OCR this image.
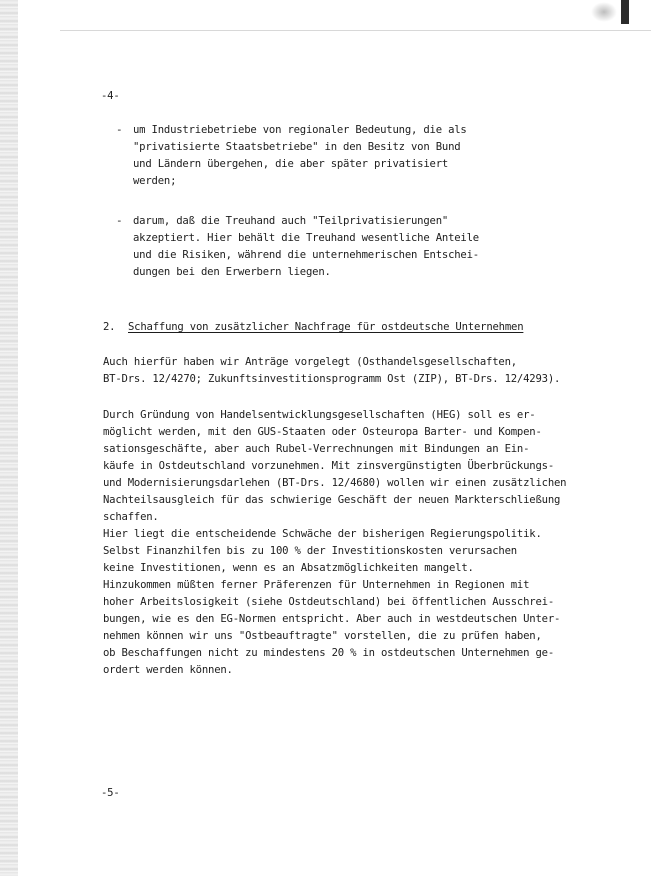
-4-
- um Industriebetriebe von regionaler Bedeutung, die als
"privatisierte Staatsbetriebe" in den Besitz von Bund
und Ländern übergehen, die aber später privatisiert
werden;
- darum, daß die Treuhand auch "Teilprivatisierungen"
akzeptiert. Hier behält die Treuhand wesentliche Anteile
und die Risiken, während die unternehmerischen Entschei-
dungen bei den Erwerbern liegen.
2. Schaffung von zusätzlicher Nachfrage für ostdeutsche Unternehmen
Auch hierfür haben wir Anträge vorgelegt (Osthandelsgesellschaften,
BT-Drs. 12/4270; Zukunftsinvestitionsprogramm Ost (ZIP), BT-Drs. 12/4293).
Durch Gründung von Handelsentwicklungsgesellschaften (HEG) soll es er-
möglicht werden, mit den GUS-Staaten oder Osteuropa Barter- und Kompen-
sationsgeschäfte, aber auch Rubel-Verrechnungen mit Bindungen an Ein-
käufe in Ostdeutschland vorzunehmen. Mit zinsvergünstigten Überbrückungs-
und Modernisierungsdarlehen (BT-Drs. 12/4680) wollen wir einen zusätzlichen
Nachteilsausgleich für das schwierige Geschäft der neuen Markterschließung
schaffen.
Hier liegt die entscheidende Schwäche der bisherigen Regierungspolitik.
Selbst Finanzhilfen bis zu 100 % der Investitionskosten verursachen
keine Investitionen, wenn es an Absatzmöglichkeiten mangelt.
Hinzukommen müßten ferner Präferenzen für Unternehmen in Regionen mit
hoher Arbeitslosigkeit (siehe Ostdeutschland) bei öffentlichen Ausschrei-
bungen, wie es den EG-Normen entspricht. Aber auch in westdeutschen Unter-
nehmen können wir uns "Ostbeauftragte" vorstellen, die zu prüfen haben,
ob Beschaffungen nicht zu mindestens 20 % in ostdeutschen Unternehmen ge-
ordert werden können.
-5-
